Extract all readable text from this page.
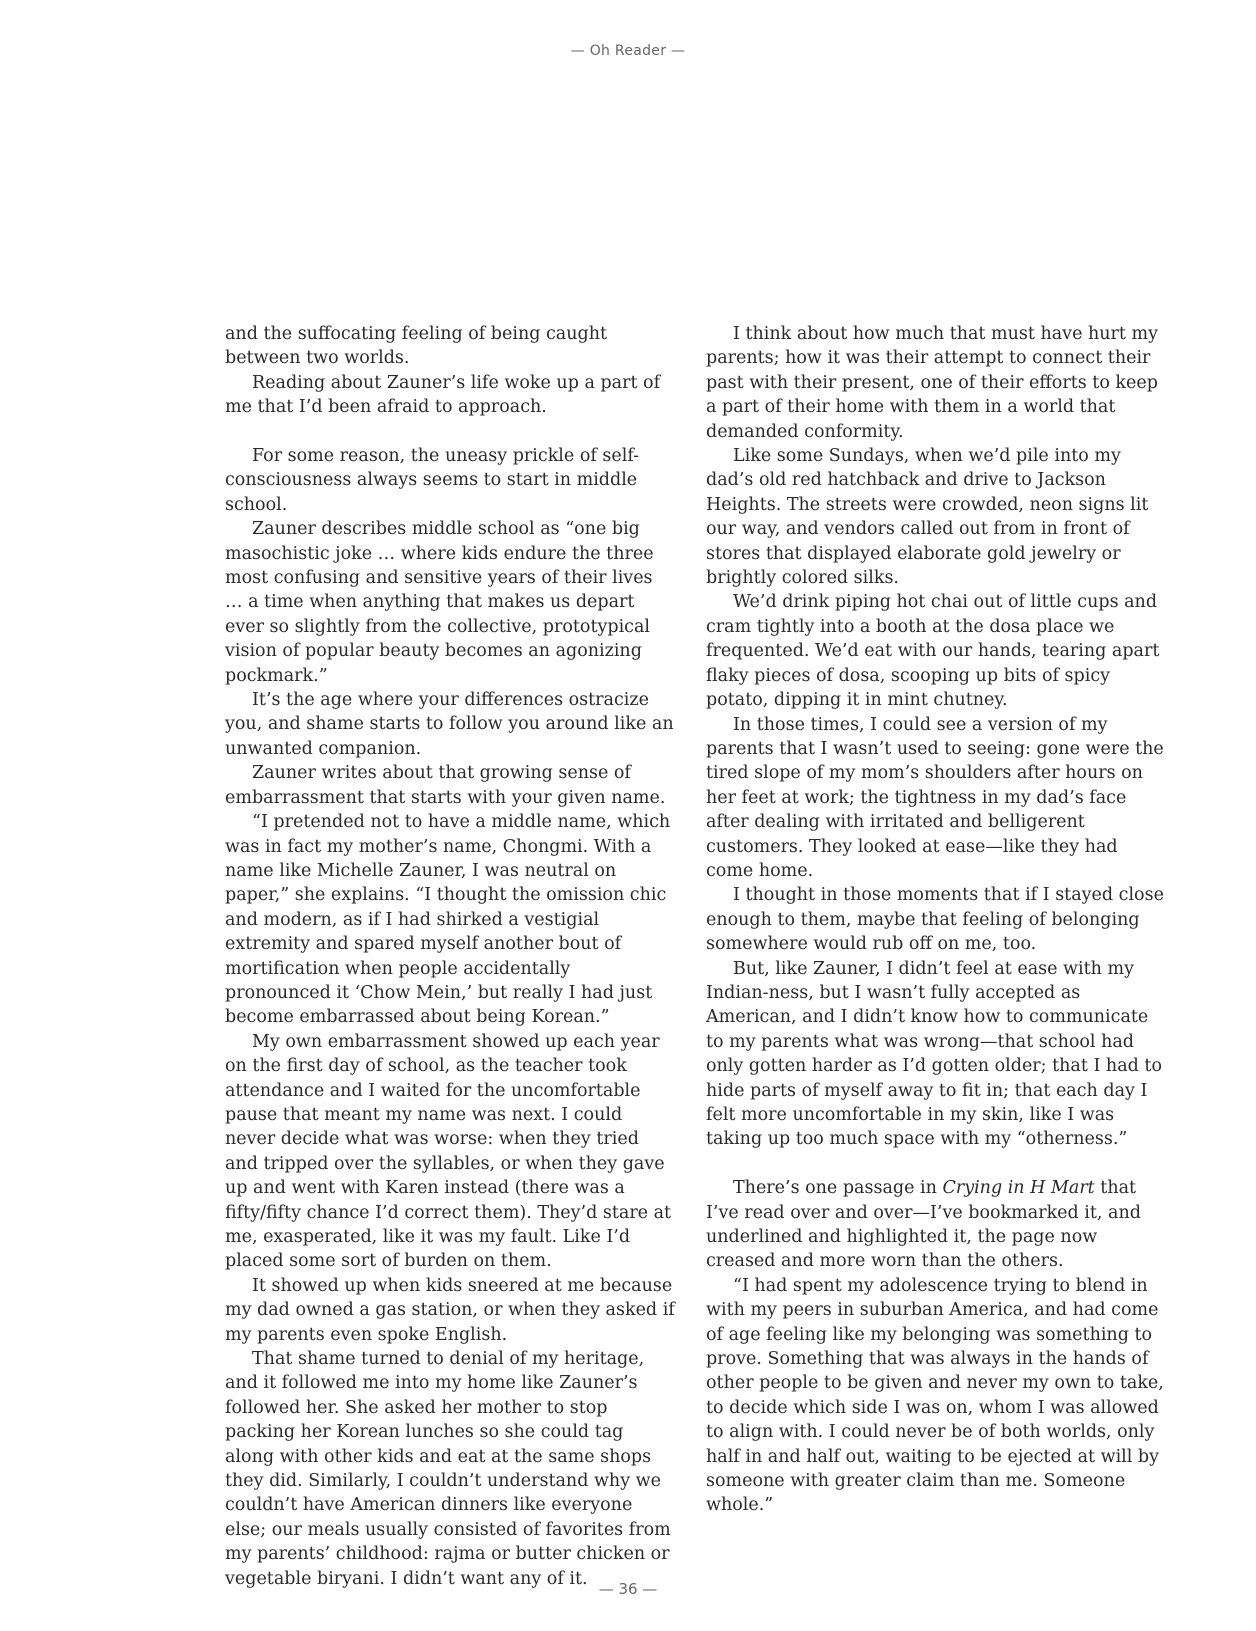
— Oh Reader —

and the suffocating feeling of being caught between two worlds.

Reading about Zauner’s life woke up a part of me that I’d been afraid to approach.

For some reason, the uneasy prickle of self-consciousness always seems to start in middle school.

Zauner describes middle school as “one big masochistic joke … where kids endure the three most confusing and sensitive years of their lives … a time when anything that makes us depart ever so slightly from the collective, prototypical vision of popular beauty becomes an agonizing pockmark.”

It’s the age where your differences ostracize you, and shame starts to follow you around like an unwanted companion.

Zauner writes about that growing sense of embarrassment that starts with your given name.

“I pretended not to have a middle name, which was in fact my mother’s name, Chongmi. With a name like Michelle Zauner, I was neutral on paper,” she explains. “I thought the omission chic and modern, as if I had shirked a vestigial extremity and spared myself another bout of mortification when people accidentally pronounced it ‘Chow Mein,’ but really I had just become embarrassed about being Korean.”

My own embarrassment showed up each year on the first day of school, as the teacher took attendance and I waited for the uncomfortable pause that meant my name was next. I could never decide what was worse: when they tried and tripped over the syllables, or when they gave up and went with Karen instead (there was a fifty/fifty chance I’d correct them). They’d stare at me, exasperated, like it was my fault. Like I’d placed some sort of burden on them.

It showed up when kids sneered at me because my dad owned a gas station, or when they asked if my parents even spoke English.

That shame turned to denial of my heritage, and it followed me into my home like Zauner’s followed her. She asked her mother to stop packing her Korean lunches so she could tag along with other kids and eat at the same shops they did. Similarly, I couldn’t understand why we couldn’t have American dinners like everyone else; our meals usually consisted of favorites from my parents’ childhood: rajma or butter chicken or vegetable biryani. I didn’t want any of it.

I think about how much that must have hurt my parents; how it was their attempt to connect their past with their present, one of their efforts to keep a part of their home with them in a world that demanded conformity.

Like some Sundays, when we’d pile into my dad’s old red hatchback and drive to Jackson Heights. The streets were crowded, neon signs lit our way, and vendors called out from in front of stores that displayed elaborate gold jewelry or brightly colored silks.

We’d drink piping hot chai out of little cups and cram tightly into a booth at the dosa place we frequented. We’d eat with our hands, tearing apart flaky pieces of dosa, scooping up bits of spicy potato, dipping it in mint chutney.

In those times, I could see a version of my parents that I wasn’t used to seeing: gone were the tired slope of my mom’s shoulders after hours on her feet at work; the tightness in my dad’s face after dealing with irritated and belligerent customers. They looked at ease—like they had come home.

I thought in those moments that if I stayed close enough to them, maybe that feeling of belonging somewhere would rub off on me, too.

But, like Zauner, I didn’t feel at ease with my Indian-ness, but I wasn’t fully accepted as American, and I didn’t know how to communicate to my parents what was wrong—that school had only gotten harder as I’d gotten older; that I had to hide parts of myself away to fit in; that each day I felt more uncomfortable in my skin, like I was taking up too much space with my “otherness.”

There’s one passage in Crying in H Mart that I’ve read over and over—I’ve bookmarked it, and underlined and highlighted it, the page now creased and more worn than the others.

“I had spent my adolescence trying to blend in with my peers in suburban America, and had come of age feeling like my belonging was something to prove. Something that was always in the hands of other people to be given and never my own to take, to decide which side I was on, whom I was allowed to align with. I could never be of both worlds, only half in and half out, waiting to be ejected at will by someone with greater claim than me. Someone whole.”

— 36 —
